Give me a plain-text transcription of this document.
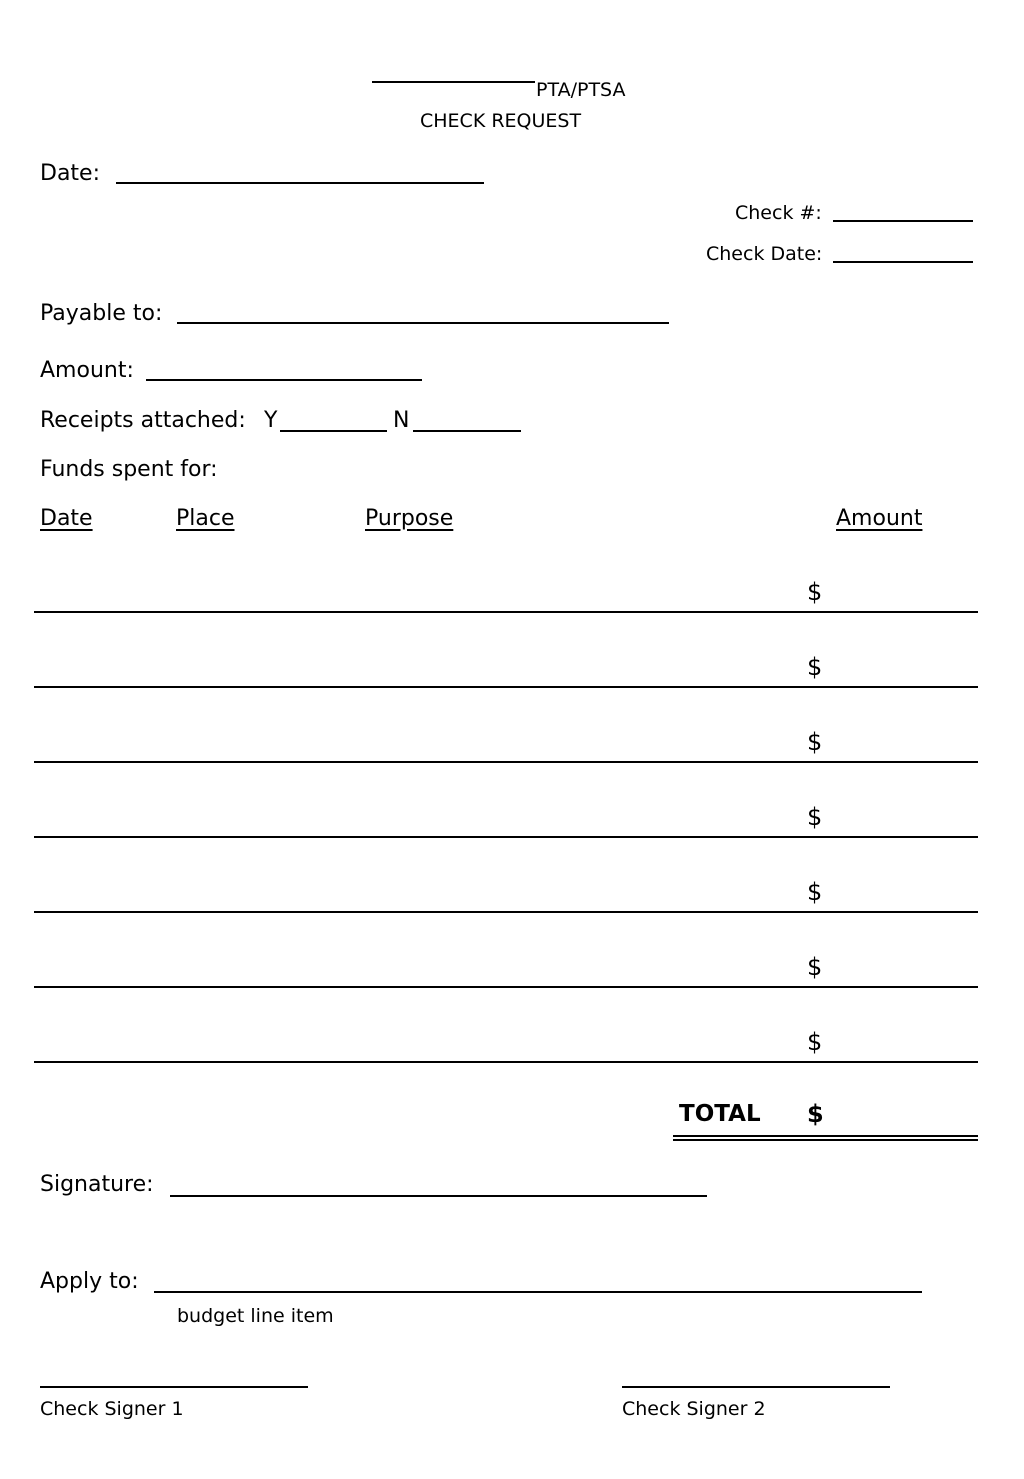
PTA/PTSA
CHECK REQUEST
Date:
Check #:
Check Date:
Payable to:
Amount:
Receipts attached: Y	N
Funds spent for:
Date	Place	Purpose	Amount
$
$
$
$
$
$
$
TOTAL $
Signature:
Apply to:
budget line item
Check Signer 1	Check Signer 2
